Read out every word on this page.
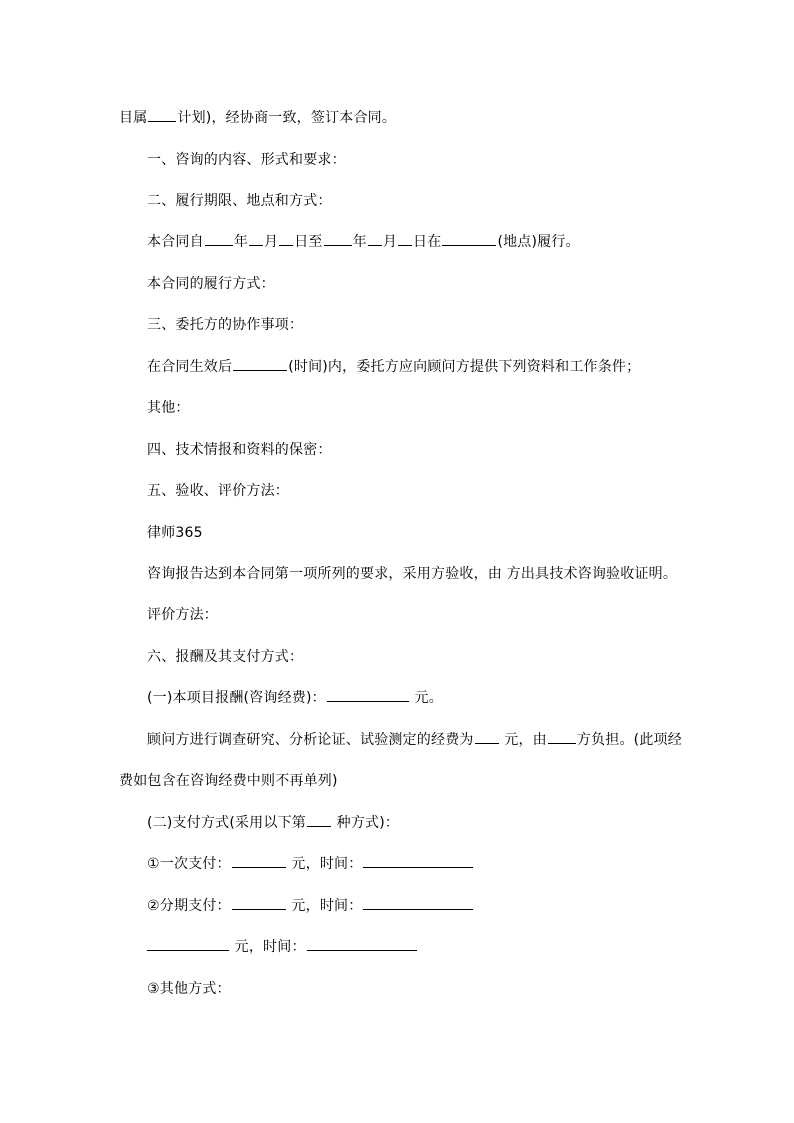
目属 计划)，经协商一致，签订本合同。
一、咨询的内容、形式和要求：
二、履行期限、地点和方式：
本合同自 年 月 日至 年 月 日在	(地点)履行。
本合同的履行方式：
三、委托方的协作事项：
在合同生效后	(时间)内，委托方应向顾问方提供下列资料和工作条件；
其他：
四、技术情报和资料的保密：
五、验收、评价方法：
律师365
咨询报告达到本合同第一项所列的要求，采用方验收，由 方出具技术咨询验收证明。
评价方法：
六、报酬及其支付方式：
(一)本项目报酬(咨询经费)：	元。
顾问方进行调查研究、分析论证、试验测定的经费为 元，由 方负担。(此项经
费如包含在咨询经费中则不再单列)
(二)支付方式(采用以下第 种方式)：
①一次支付：	元，时间：
②分期支付：	元，时间：
元，时间：
③其他方式：
